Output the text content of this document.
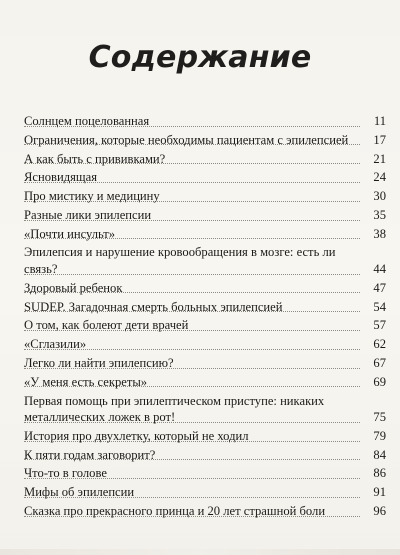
Содержание
Солнцем поцелованная	11
Ограничения, которые необходимы пациентам с эпилепсией	17
А как быть с прививками?	21
Ясновидящая	24
Про мистику и медицину	30
Разные лики эпилепсии	35
«Почти инсульт»	38
Эпилепсия и нарушение кровообращения в мозге: есть ли связь?	44
Здоровый ребенок	47
SUDEP. Загадочная смерть больных эпилепсией	54
О том, как болеют дети врачей	57
«Сглазили»	62
Легко ли найти эпилепсию?	67
«У меня есть секреты»	69
Первая помощь при эпилептическом приступе: никаких металлических ложек в рот!	75
История про двухлетку, который не ходил	79
К пяти годам заговорит?	84
Что-то в голове	86
Мифы об эпилепсии	91
Сказка про прекрасного принца и 20 лет страшной боли	96
